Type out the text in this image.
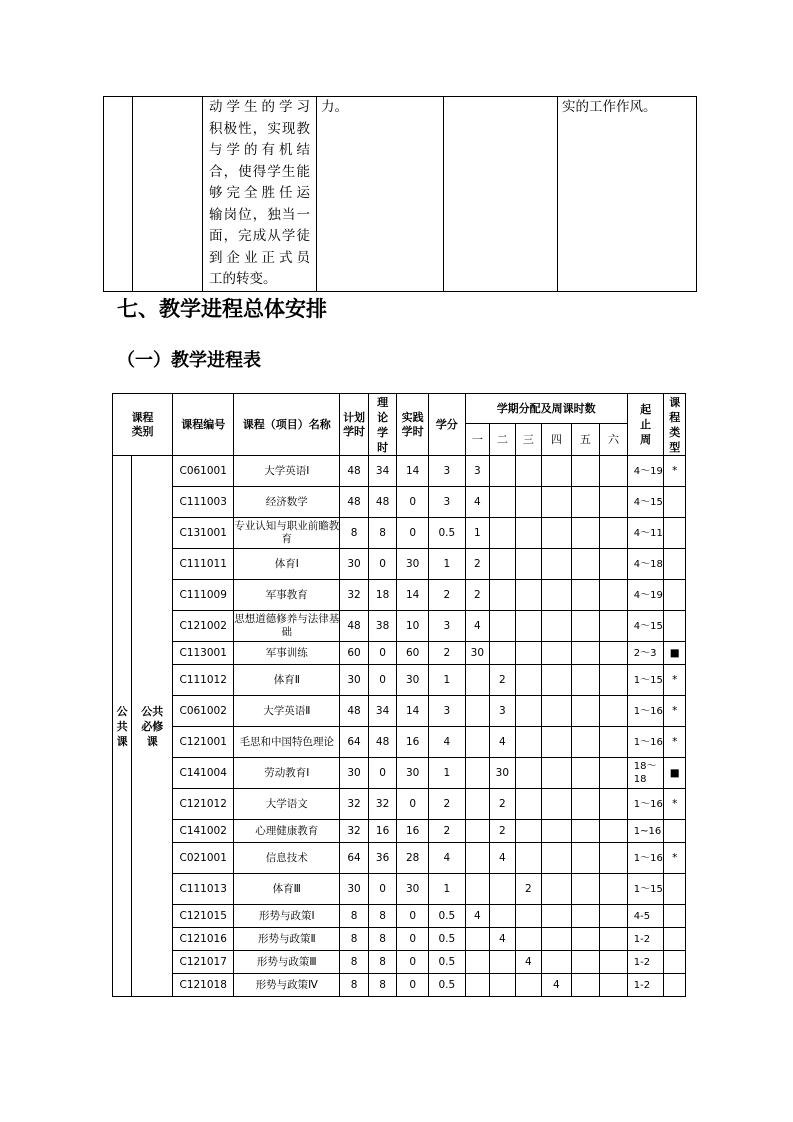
动学生的学习
积极性，实现教
与学的有机结
合，使得学生能
够完全胜任运
输岗位，独当一
面，完成从学徒
到企业正式员
工的转变。
	力。		实的工作作风。
七、教学进程总体安排
（一）教学进程表
课程类别		课程编号	课程（项目）名称	计划学时	理论学时	实践学时	学分	学期分配及周课时数						起止周	课程类型

								一	二	三	四	五	六		

公共课	公共必修课	C061001	大学英语Ⅰ	48	34	14	3	3						4～19	*
		C111003	经济数学	48	48	0	3	4						4～15	
		C131001	专业认知与职业前瞻教育	8	8	0	0.5	1						4～11	
		C111011	体育Ⅰ	30	0	30	1	2						4～18	
		C111009	军事教育	32	18	14	2	2						4～19	
		C121002	思想道德修养与法律基础	48	38	10	3	4						4～15	
		C113001	军事训练	60	0	60	2	30						2～3	■
		C111012	体育Ⅱ	30	0	30	1		2					1～15	*
		C061002	大学英语Ⅱ	48	34	14	3		3					1～16	*
		C121001	毛思和中国特色理论	64	48	16	4		4					1～16	*
		C141004	劳动教育Ⅰ	30	0	30	1		30					18～18	■
		C121012	大学语文	32	32	0	2		2					1～16	*
		C141002	心理健康教育	32	16	16	2		2					1~16	
		C021001	信息技术	64	36	28	4		4					1～16	*
		C111013	体育Ⅲ	30	0	30	1			2				1～15	
		C121015	形势与政策Ⅰ	8	8	0	0.5	4						4-5	
		C121016	形势与政策Ⅱ	8	8	0	0.5		4					1-2	
		C121017	形势与政策Ⅲ	8	8	0	0.5			4				1-2	
		C121018	形势与政策Ⅳ	8	8	0	0.5				4			1-2	
